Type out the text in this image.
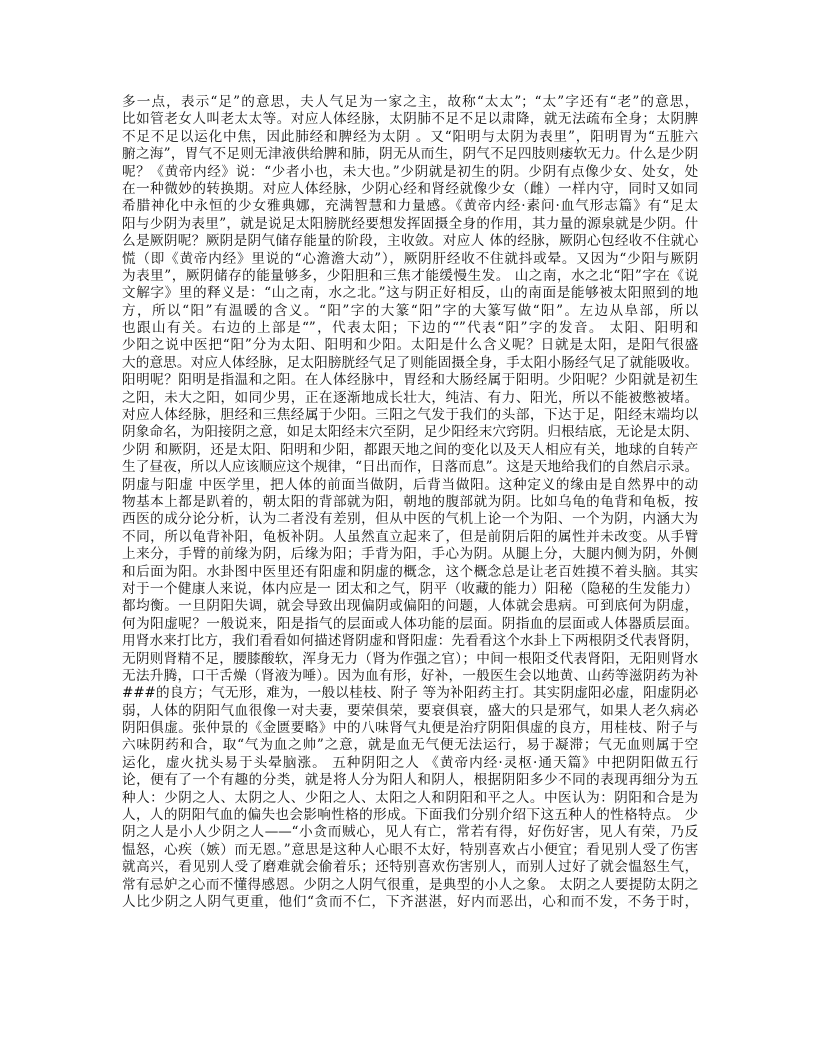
多一点，表示“足”的意思，夫人气足为一家之主，故称“太太”；“太”字还有“老”的意思，
比如管老女人叫老太太等。对应人体经脉，太阴肺不足不足以肃降，就无法疏布全身；太阴脾
不足不足以运化中焦，因此肺经和脾经为太阴 。又“阳明与太阴为表里”，阳明胃为“五脏六
腑之海”，胃气不足则无津液供给脾和肺，阴无从而生，阴气不足四肢则痿软无力。什么是少阴
呢？《黄帝内经》说：“少者小也，未大也。”少阴就是初生的阴。少阴有点像少女、处女，处
在一种微妙的转换期。对应人体经脉，少阴心经和肾经就像少女（雌）一样内守，同时又如同
希腊神化中永恒的少女雅典娜，充满智慧和力量感。《黄帝内经·素问·血气形志篇》有“足太
阳与少阴为表里”，就是说足太阳膀胱经要想发挥固摄全身的作用，其力量的源泉就是少阴。什
么是厥阴呢？厥阴是阴气储存能量的阶段，主收敛。对应人 体的经脉，厥阴心包经收不住就心
慌（即《黄帝内经》里说的“心澹澹大动”），厥阴肝经收不住就抖或晕。又因为“少阳与厥阴
为表里”，厥阴储存的能量够多，少阳胆和三焦才能缓慢生发。 山之南，水之北“阳”字在《说
文解字》里的释义是：“山之南，水之北。”这与阴正好相反，山的南面是能够被太阳照到的地
方，所以“阳”有温暖的含义。“阳”字的大篆“阳”字的大篆写做“阳”。左边从阜部，所以
也跟山有关。右边的上部是“”，代表太阳；下边的“”代表“阳”字的发音。 太阳、阳明和
少阳之说中医把“阳”分为太阳、阳明和少阳。太阳是什么含义呢？日就是太阳，是阳气很盛
大的意思。对应人体经脉，足太阳膀胱经气足了则能固摄全身，手太阳小肠经气足了就能吸收。
阳明呢？阳明是指温和之阳。在人体经脉中，胃经和大肠经属于阳明。少阳呢？少阳就是初生
之阳，未大之阳，如同少男，正在逐渐地成长壮大，纯洁、有力、阳光，所以不能被憋被堵。
对应人体经脉，胆经和三焦经属于少阳。三阳之气发于我们的头部，下达于足，阳经末端均以
阴象命名，为阳接阴之意，如足太阳经末穴至阴，足少阳经末穴窍阴。归根结底，无论是太阴、
少阴 和厥阴，还是太阳、阳明和少阳，都跟天地之间的变化以及天人相应有关，地球的自转产
生了昼夜，所以人应该顺应这个规律，“日出而作，日落而息”。这是天地给我们的自然启示录。
阴虚与阳虚 中医学里，把人体的前面当做阴，后背当做阳。这种定义的缘由是自然界中的动
物基本上都是趴着的，朝太阳的背部就为阳，朝地的腹部就为阴。比如乌龟的龟背和龟板，按
西医的成分论分析，认为二者没有差别，但从中医的气机上论一个为阳、一个为阴，内涵大为
不同，所以龟背补阳，龟板补阴。人虽然直立起来了，但是前阴后阳的属性并未改变。从手臂
上来分，手臂的前缘为阴，后缘为阳；手背为阳，手心为阴。从腿上分，大腿内侧为阴，外侧
和后面为阳。水卦图中医里还有阳虚和阴虚的概念，这个概念总是让老百姓摸不着头脑。其实
对于一个健康人来说，体内应是一 团太和之气，阴平（收藏的能力）阳秘（隐秘的生发能力）
都均衡。一旦阴阳失调，就会导致出现偏阴或偏阳的问题，人体就会患病。可到底何为阴虚，
何为阳虚呢？一般说来，阳是指气的层面或人体功能的层面。阴指血的层面或人体器质层面。
用肾水来打比方，我们看看如何描述肾阴虚和肾阳虚：先看看这个水卦上下两根阴爻代表肾阴，
无阴则肾精不足，腰膝酸软，浑身无力（肾为作强之官）；中间一根阳爻代表肾阳，无阳则肾水
无法升腾，口干舌燥（肾液为唾）。因为血有形，好补，一般医生会以地黄、山药等滋阴药为补
###的良方；气无形，难为，一般以桂枝、附子 等为补阳药主打。其实阴虚阳必虚，阳虚阴必
弱，人体的阴阳气血很像一对夫妻，要荣俱荣，要衰俱衰，盛大的只是邪气，如果人老久病必
阴阳俱虚。张仲景的《金匮要略》中的八味肾气丸便是治疗阴阳俱虚的良方，用桂枝、附子与
六味阴药和合，取“气为血之帅”之意，就是血无气便无法运行，易于凝滞；气无血则属于空
运化，虚火扰头易于头晕脑涨。 五种阴阳之人 《黄帝内经·灵枢·通天篇》中把阴阳做五行
论，便有了一个有趣的分类，就是将人分为阳人和阴人，根据阴阳多少不同的表现再细分为五
种人：少阴之人、太阴之人、少阳之人、太阳之人和阴阳和平之人。中医认为：阴阳和合是为
人，人的阴阳气血的偏失也会影响性格的形成。下面我们分别介绍下这五种人的性格特点。 少
阴之人是小人少阴之人——“小贪而贼心，见人有亡，常若有得，好伤好害，见人有荣，乃反
愠怒，心疾（嫉）而无恩。”意思是这种人心眼不太好，特别喜欢占小便宜；看见别人受了伤害
就高兴，看见别人受了磨难就会偷着乐；还特别喜欢伤害别人，而别人过好了就会愠怒生气，
常有忌妒之心而不懂得感恩。少阴之人阴气很重，是典型的小人之象。 太阴之人要提防太阴之
人比少阴之人阴气更重，他们“贪而不仁，下齐湛湛，好内而恶出，心和而不发，不务于时，
